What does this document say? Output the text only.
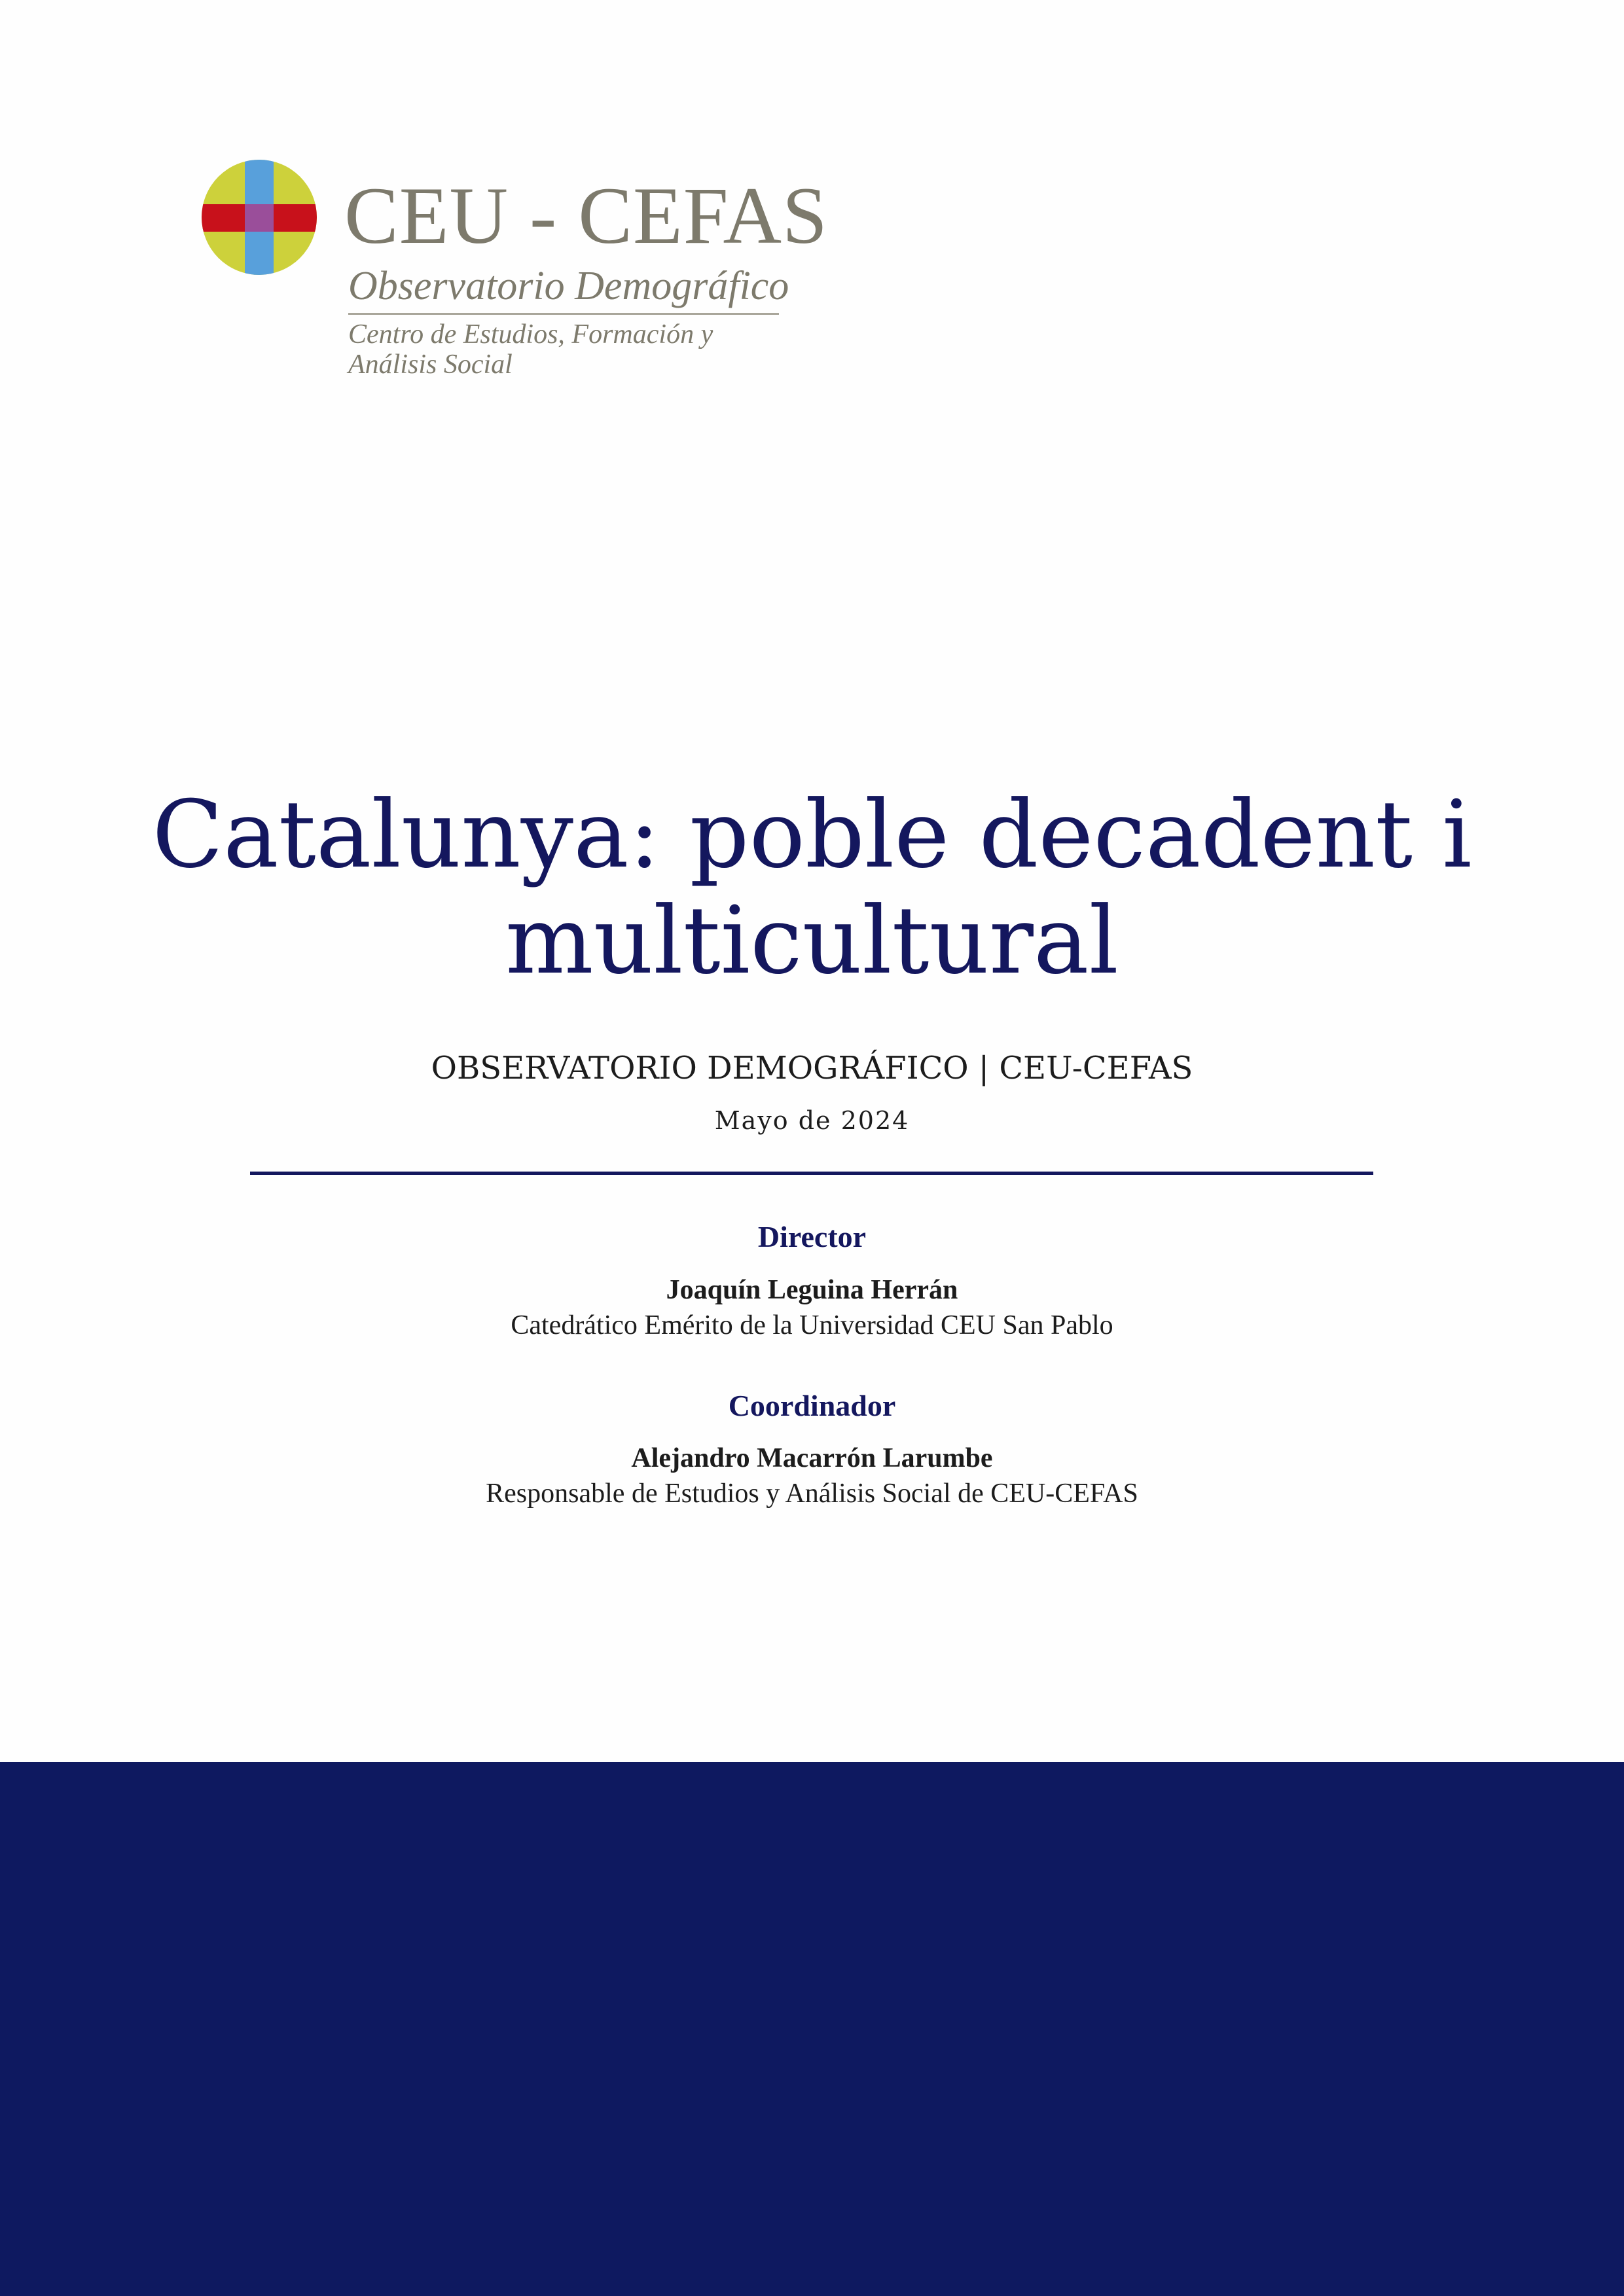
CEU - CEFAS
Observatorio Demográfico
Centro de Estudios, Formación y
Análisis Social
Catalunya: poble decadent i
multicultural
OBSERVATORIO DEMOGRÁFICO | CEU-CEFAS
Mayo de 2024
Director
Joaquín Leguina Herrán
Catedrático Emérito de la Universidad CEU San Pablo
Coordinador
Alejandro Macarrón Larumbe
Responsable de Estudios y Análisis Social de CEU-CEFAS
